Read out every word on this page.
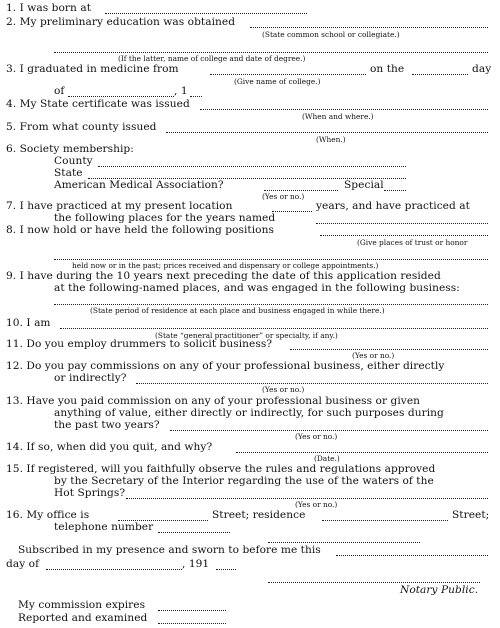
1. I was born at
2. My preliminary education was obtained
(State common school or collegiate.)
(If the latter, name of college and date of degree.)
3. I graduated in medicine from	on the	day
(Give name of college.)
of	, 1
4. My State certificate was issued
(When and where.)
5. From what county issued
(When.)
6. Society membership:
County
State
American Medical Association?	Special
(Yes or no.)
7. I have practiced at my present location	years, and have practiced at
the following places for the years named
8. I now hold or have held the following positions
(Give places of trust or honor
held now or in the past; prices received and dispensary or college appointments.)
9. I have during the 10 years next preceding the date of this application resided
at the following-named places, and was engaged in the following business:
(State period of residence at each place and business engaged in while there.)
10. I am
(State “general practitioner” or specialty, if any.)
11. Do you employ drummers to solicit business?
(Yes or no.)
12. Do you pay commissions on any of your professional business, either directly
or indirectly?
(Yes or no.)
13. Have you paid commission on any of your professional business or given
anything of value, either directly or indirectly, for such purposes during
the past two years?
(Yes or no.)
14. If so, when did you quit, and why?
(Date.)
15. If registered, will you faithfully observe the rules and regulations approved
by the Secretary of the Interior regarding the use of the waters of the
Hot Springs?
(Yes or no.)
16. My office is	Street; residence	Street;
telephone number
Subscribed in my presence and sworn to before me this
day of	, 191
Notary Public.
My commission expires
Reported and examined
